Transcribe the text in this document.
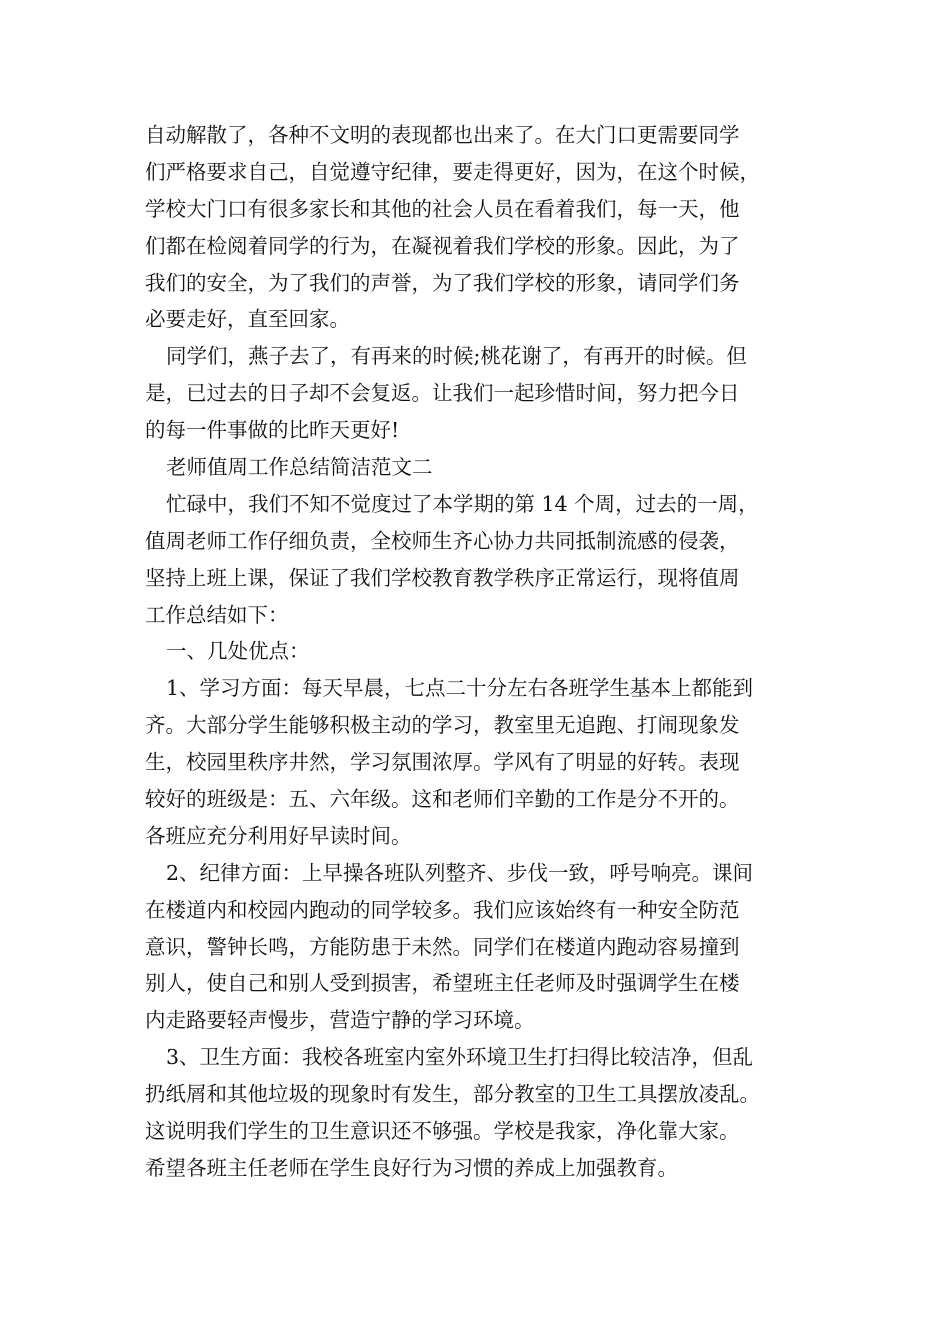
自动解散了，各种不文明的表现都也出来了。在大门口更需要同学
们严格要求自己，自觉遵守纪律，要走得更好，因为，在这个时候，
学校大门口有很多家长和其他的社会人员在看着我们，每一天，他
们都在检阅着同学的行为，在凝视着我们学校的形象。因此，为了
我们的安全，为了我们的声誉，为了我们学校的形象，请同学们务
必要走好，直至回家。
同学们，燕子去了，有再来的时候;桃花谢了，有再开的时候。但
是，已过去的日子却不会复返。让我们一起珍惜时间，努力把今日
的每一件事做的比昨天更好!
老师值周工作总结简洁范文二
忙碌中，我们不知不觉度过了本学期的第 14 个周，过去的一周，
值周老师工作仔细负责，全校师生齐心协力共同抵制流感的侵袭，
坚持上班上课，保证了我们学校教育教学秩序正常运行，现将值周
工作总结如下：
一、几处优点：
1、学习方面：每天早晨，七点二十分左右各班学生基本上都能到
齐。大部分学生能够积极主动的学习，教室里无追跑、打闹现象发
生，校园里秩序井然，学习氛围浓厚。学风有了明显的好转。表现
较好的班级是：五、六年级。这和老师们辛勤的工作是分不开的。
各班应充分利用好早读时间。
2、纪律方面：上早操各班队列整齐、步伐一致，呼号响亮。课间
在楼道内和校园内跑动的同学较多。我们应该始终有一种安全防范
意识，警钟长鸣，方能防患于未然。同学们在楼道内跑动容易撞到
别人，使自己和别人受到损害，希望班主任老师及时强调学生在楼
内走路要轻声慢步，营造宁静的学习环境。
3、卫生方面：我校各班室内室外环境卫生打扫得比较洁净，但乱
扔纸屑和其他垃圾的现象时有发生，部分教室的卫生工具摆放凌乱。
这说明我们学生的卫生意识还不够强。学校是我家，净化靠大家。
希望各班主任老师在学生良好行为习惯的养成上加强教育。
